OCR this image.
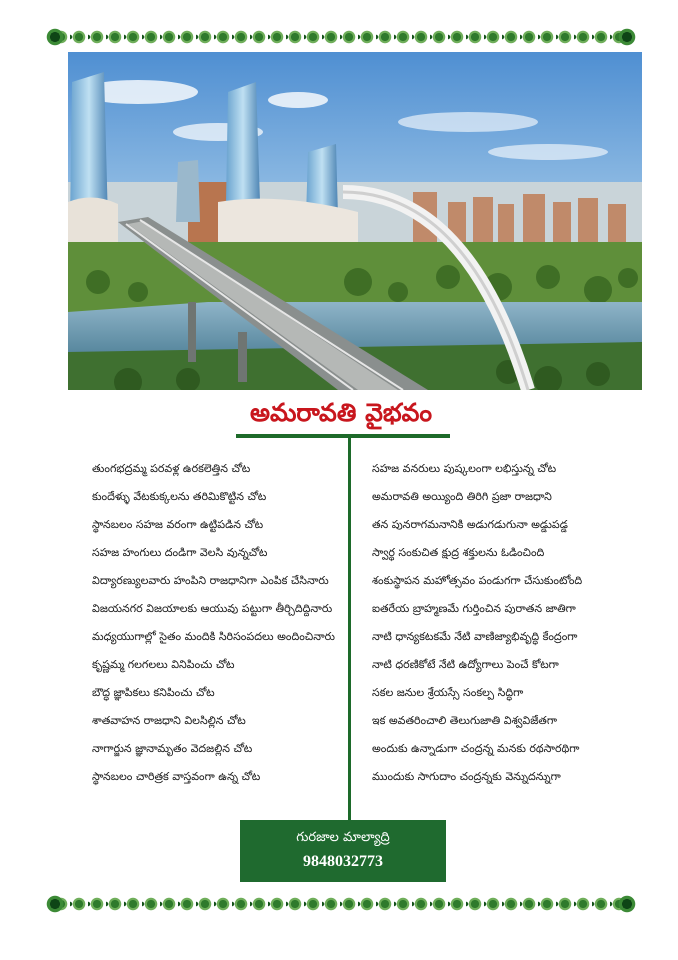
అమరావతి వైభవం
తుంగభద్రమ్మ పరవళ్ల ఉరకలెత్తిన చోట
కుందేళ్ళు వేటకుక్కలను తరిమికొట్టిన చోట
స్థానబలం సహజ వరంగా ఉట్టిపడిన చోట
సహజ హంగులు దండిగా వెలసి వున్నచోట
విద్యారణ్యులవారు హంపిని రాజధానిగా ఎంపిక చేసినారు
విజయనగర విజయాలకు ఆయువు పట్టుగా తీర్చిదిద్దినారు
మధ్యయుగాల్లో సైతం మందికి సిరిసంపదలు అందించినారు
కృష్ణమ్మ గలగలలు వినిపించు చోట
బౌద్ధ జ్ఞాపికలు కనిపించు చోట
శాతవాహన రాజధాని విలసిల్లిన చోట
నాగార్జున జ్ఞానామృతం వెదజల్లిన చోట
స్థానబలం చారిత్రక వాస్తవంగా ఉన్న చోట
సహజ వనరులు పుష్కలంగా లభిస్తున్న చోట
అమరావతి అయ్యింది తిరిగి ప్రజా రాజధాని
తన పునరాగమనానికి అడుగడుగునా అడ్డుపడ్డ
స్వార్థ సంకుచిత క్షుద్ర శక్తులను ఓడించింది
శంకుస్థాపన మహోత్సవం పండుగగా చేసుకుంటోంది
ఐతరేయ బ్రాహ్మణమే గుర్తించిన పురాతన జాతిగా
నాటి ధాన్యకటకమే నేటి వాణిజ్యాభివృద్ధి కేంద్రంగా
నాటి ధరణికోటే నేటి ఉద్యోగాలు పెంచే కోటగా
సకల జనుల శ్రేయస్సే సంకల్ప సిద్ధిగా
ఇక అవతరించాలి తెలుగుజాతి విశ్వవిజేతగా
అందుకు ఉన్నాడుగా చంద్రన్న మనకు రథసారథిగా
ముందుకు సాగుదాం చంద్రన్నకు వెన్నుదన్నుగా
గురజాల మాల్యాద్రి
9848032773
